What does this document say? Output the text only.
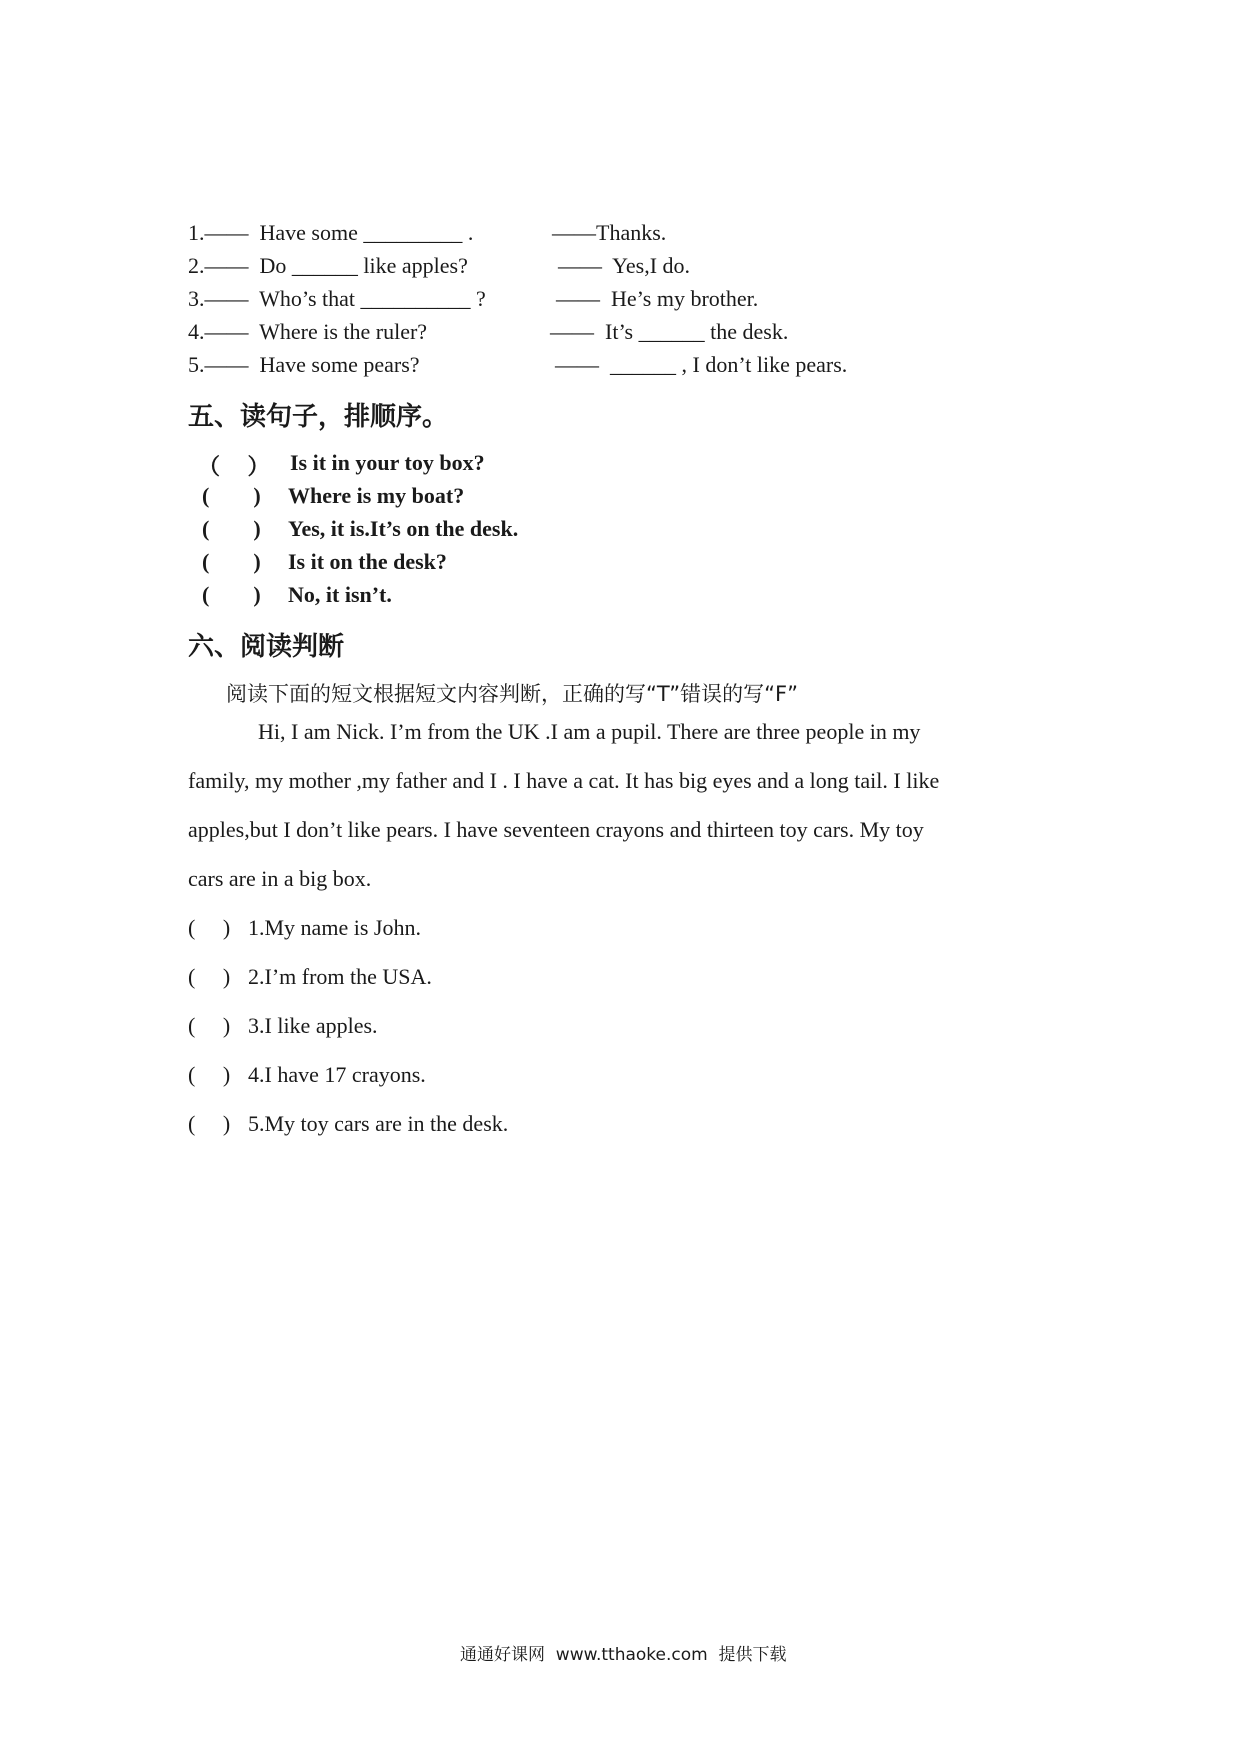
1.——  Have some _________ .	——Thanks.
2.——  Do ______ like apples?	——  Yes,I do.
3.——  Who’s that __________ ?	——  He’s my brother.
4.——  Where is the ruler?	——  It’s ______ the desk.
5.——  Have some pears?	——  ______ , I don’t like pears.
五、读句子，排顺序。
（     ） Is it in your toy box?
(        ) Where is my boat?
(        ) Yes, it is.It’s on the desk.
(        ) Is it on the desk?
(        ) No, it isn’t.
六、阅读判断
阅读下面的短文根据短文内容判断，正确的写“T”错误的写“F”
Hi, I am Nick. I’m from the UK .I am a pupil. There are three people in my
family, my mother ,my father and I . I have a cat. It has big eyes and a long tail. I like
apples,but I don’t like pears. I have seventeen crayons and thirteen toy cars. My toy
cars are in a big box.
(     ) 1.My name is John.
(     ) 2.I’m from the USA.
(     ) 3.I like apples.
(     ) 4.I have 17 crayons.
(     ) 5.My toy cars are in the desk.
通通好课网  www.tthaoke.com  提供下载
